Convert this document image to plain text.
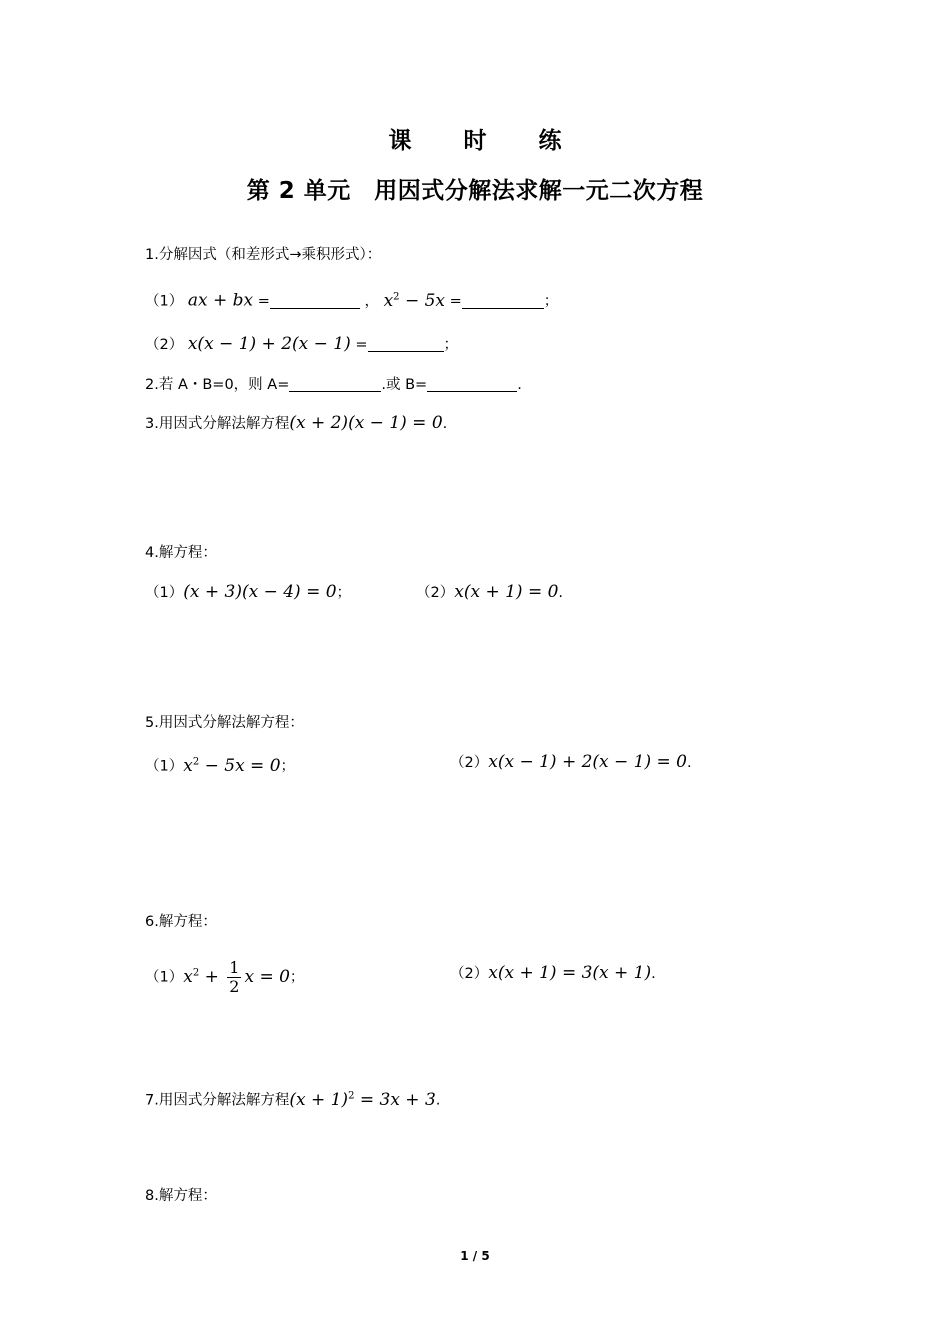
课 时 练
第 2 单元　用因式分解法求解一元二次方程
1.分解因式（和差形式→乘积形式）：
（1） ax + bx =	， $x^2 - 5x$ =	；
（2） x(x − 1) + 2(x − 1) =	；
2.若 A・B=0，则 A=	.或 B=	.
3.用因式分解法解方程(x + 2)(x − 1) = 0.
4.解方程：
（1）(x + 3)(x − 4) = 0；	（2）x(x + 1) = 0.
5.用因式分解法解方程：
$(1)x^2 - 5x = 0$；	（2）x(x − 1) + 2(x − 1) = 0.
6.解方程：
$(1)x^2 + \frac{1}{2}$ x = 0；	（2）x(x + 1) = 3(x + 1).
7.用因式分解法解方程$(x + 1)^2 = 3x + 3$.
8.解方程：
1 / 5
